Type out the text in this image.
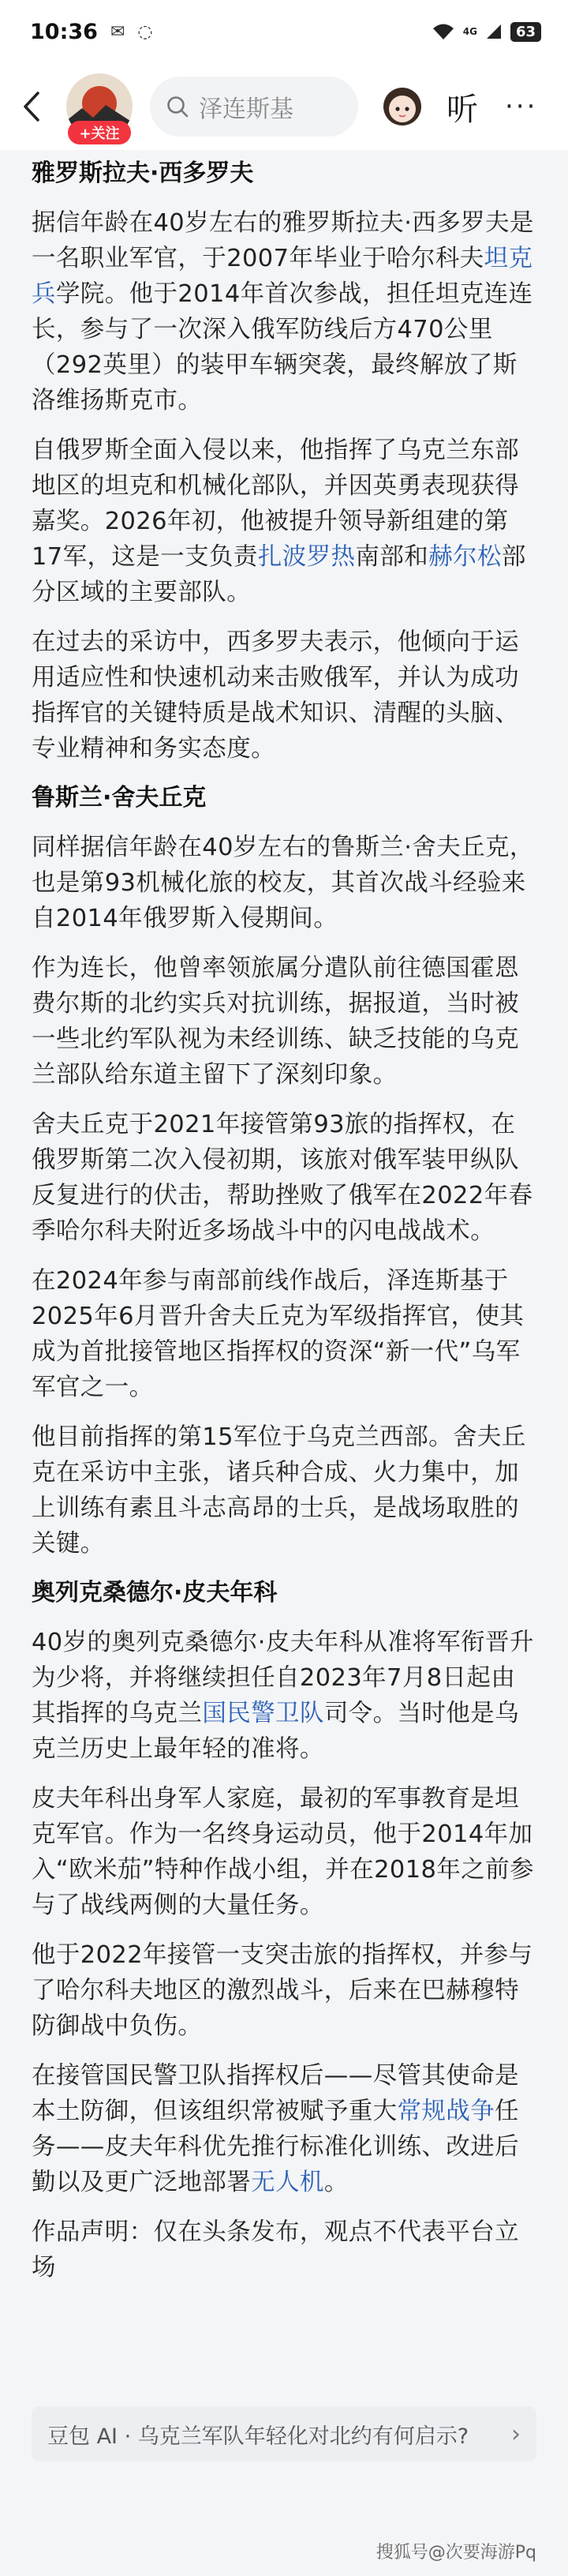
10:36 ✉ ◌	4G	63
+关注
泽连斯基	听 ···
雅罗斯拉夫·西多罗夫

据信年龄在40岁左右的雅罗斯拉夫·西多罗夫是一名职业军官，于2007年毕业于哈尔科夫坦克兵学院。他于2014年首次参战，担任坦克连连长，参与了一次深入俄军防线后方470公里（292英里）的装甲车辆突袭，最终解放了斯洛维扬斯克市。

自俄罗斯全面入侵以来，他指挥了乌克兰东部地区的坦克和机械化部队，并因英勇表现获得嘉奖。2026年初，他被提升领导新组建的第17军，这是一支负责扎波罗热南部和赫尔松部分区域的主要部队。

在过去的采访中，西多罗夫表示，他倾向于运用适应性和快速机动来击败俄军，并认为成功指挥官的关键特质是战术知识、清醒的头脑、专业精神和务实态度。

鲁斯兰·舍夫丘克

同样据信年龄在40岁左右的鲁斯兰·舍夫丘克，也是第93机械化旅的校友，其首次战斗经验来自2014年俄罗斯入侵期间。

作为连长，他曾率领旅属分遣队前往德国霍恩费尔斯的北约实兵对抗训练，据报道，当时被一些北约军队视为未经训练、缺乏技能的乌克兰部队给东道主留下了深刻印象。

舍夫丘克于2021年接管第93旅的指挥权，在俄罗斯第二次入侵初期，该旅对俄军装甲纵队反复进行的伏击，帮助挫败了俄军在2022年春季哈尔科夫附近多场战斗中的闪电战战术。

在2024年参与南部前线作战后，泽连斯基于2025年6月晋升舍夫丘克为军级指挥官，使其成为首批接管地区指挥权的资深“新一代”乌军军官之一。

他目前指挥的第15军位于乌克兰西部。舍夫丘克在采访中主张，诸兵种合成、火力集中，加上训练有素且斗志高昂的士兵，是战场取胜的关键。

奥列克桑德尔·皮夫年科

40岁的奥列克桑德尔·皮夫年科从准将军衔晋升为少将，并将继续担任自2023年7月8日起由其指挥的乌克兰国民警卫队司令。当时他是乌克兰历史上最年轻的准将。

皮夫年科出身军人家庭，最初的军事教育是坦克军官。作为一名终身运动员，他于2014年加入“欧米茄”特种作战小组，并在2018年之前参与了战线两侧的大量任务。

他于2022年接管一支突击旅的指挥权，并参与了哈尔科夫地区的激烈战斗，后来在巴赫穆特防御战中负伤。

在接管国民警卫队指挥权后——尽管其使命是本土防御，但该组织常被赋予重大常规战争任务——皮夫年科优先推行标准化训练、改进后勤以及更广泛地部署无人机。

作品声明：仅在头条发布，观点不代表平台立场

豆包 AI · 乌克兰军队年轻化对北约有何启示? ›
搜狐号@次要海游Pq
